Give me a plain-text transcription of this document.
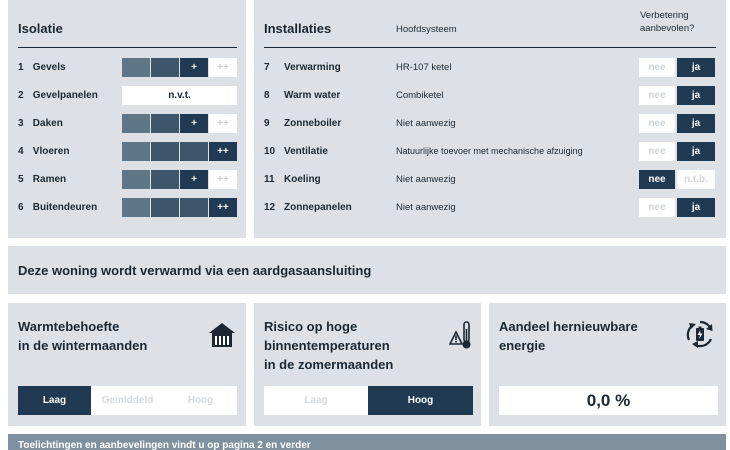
Isolatie
1 Gevels	+	++
2 Gevelpanelen	n.v.t.
3 Daken	+	++
4 Vloeren	++
5 Ramen	+	++
6 Buitendeuren	++
Installaties	Hoofdsysteem
Verbetering
aanbevolen?
7 Verwarming	HR-107 ketel	nee	ja
8 Warm water	Combiketel	nee	ja
9 Zonneboiler	Niet aanwezig	nee	ja
10 Ventilatie	Natuurlijke toevoer met mechanische afzuiging	nee	ja
11 Koeling	Niet aanwezig	nee	n.t.b.
12 Zonnepanelen	Niet aanwezig	nee	ja
Deze woning wordt verwarmd via een aardgasaansluiting
Warmtebehoefte
in de wintermaanden
Laag	Gemiddeld	Hoog
Risico op hoge
binnentemperaturen
in de zomermaanden
Laag	Hoog
Aandeel hernieuwbare
energie
0,0 %
Toelichtingen en aanbevelingen vindt u op pagina 2 en verder
